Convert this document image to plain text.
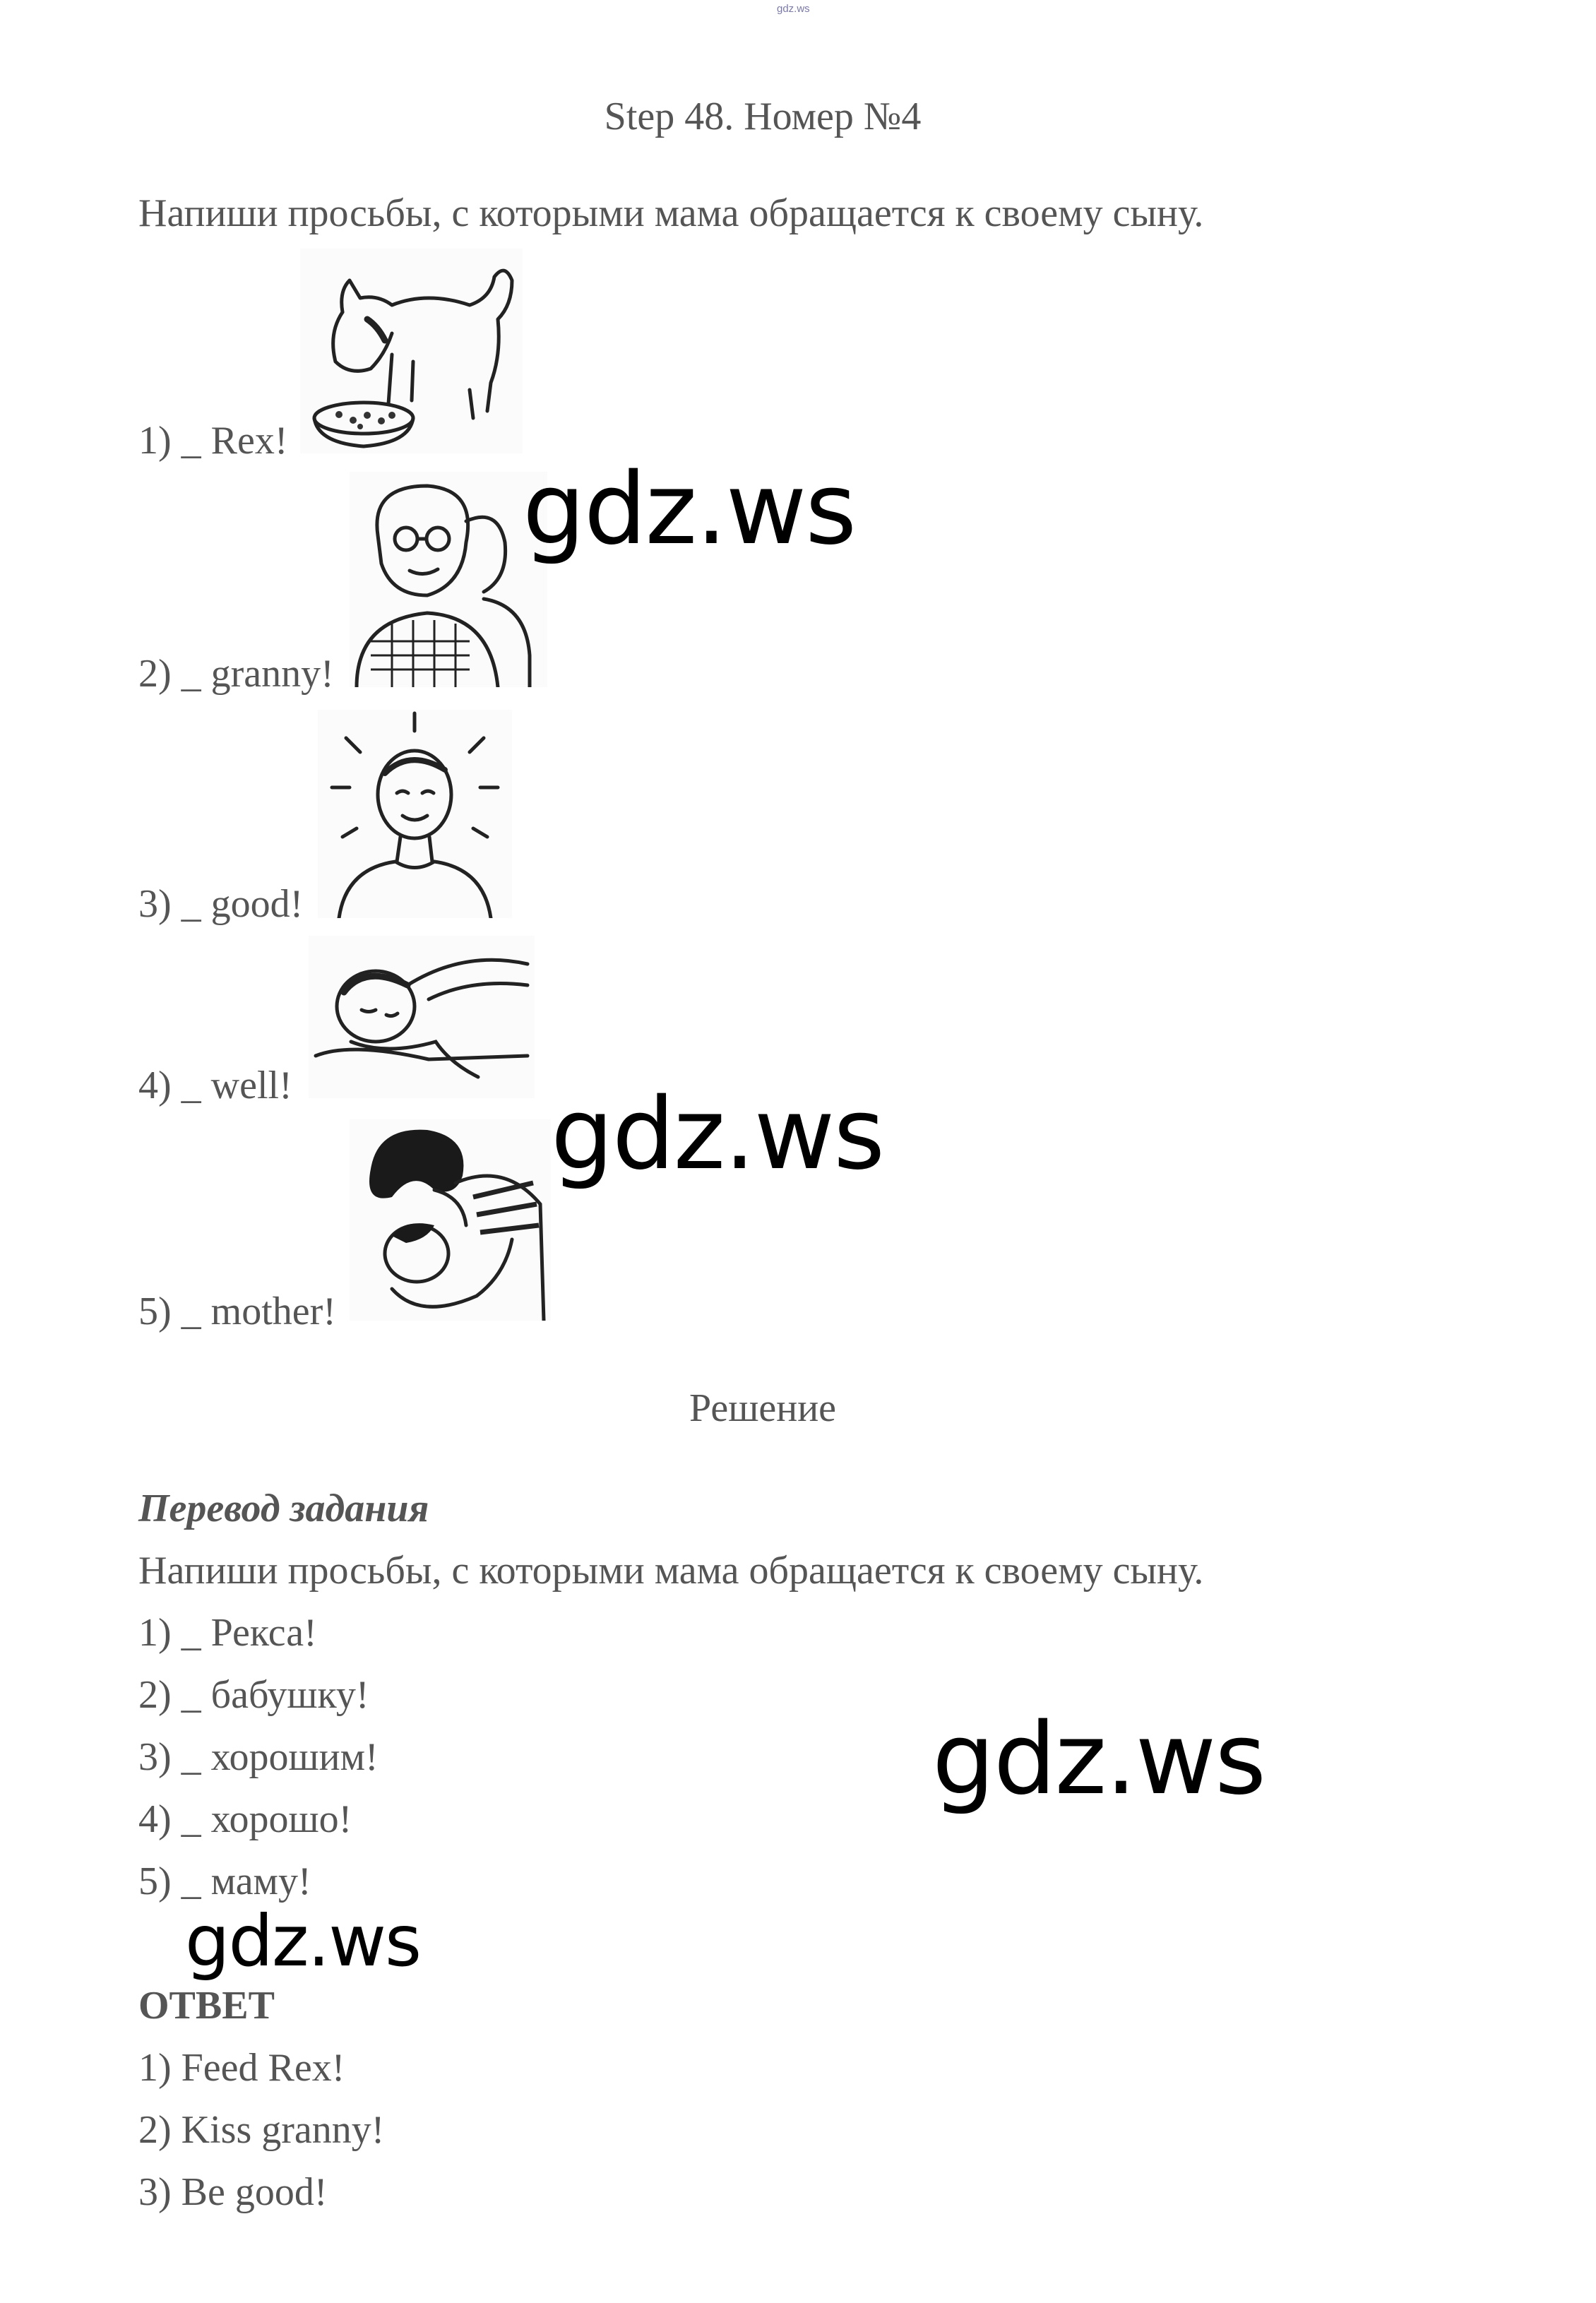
gdz.ws
Step 48. Номер №4
Напиши просьбы, с которыми мама обращается к своему сыну.
1) _ Rex!
2) _ granny!
3) _ good!
4) _ well!
5) _ mother!
Решение
Перевод задания
Напиши просьбы, с которыми мама обращается к своему сыну.
1) _ Рекса!
2) _ бабушку!
3) _ хорошим!
4) _ хорошо!
5) _ маму!
ОТВЕТ
1) Feed Rex!
2) Kiss granny!
3) Be good!
gdz.ws
gdz.ws
gdz.ws
gdz.ws
